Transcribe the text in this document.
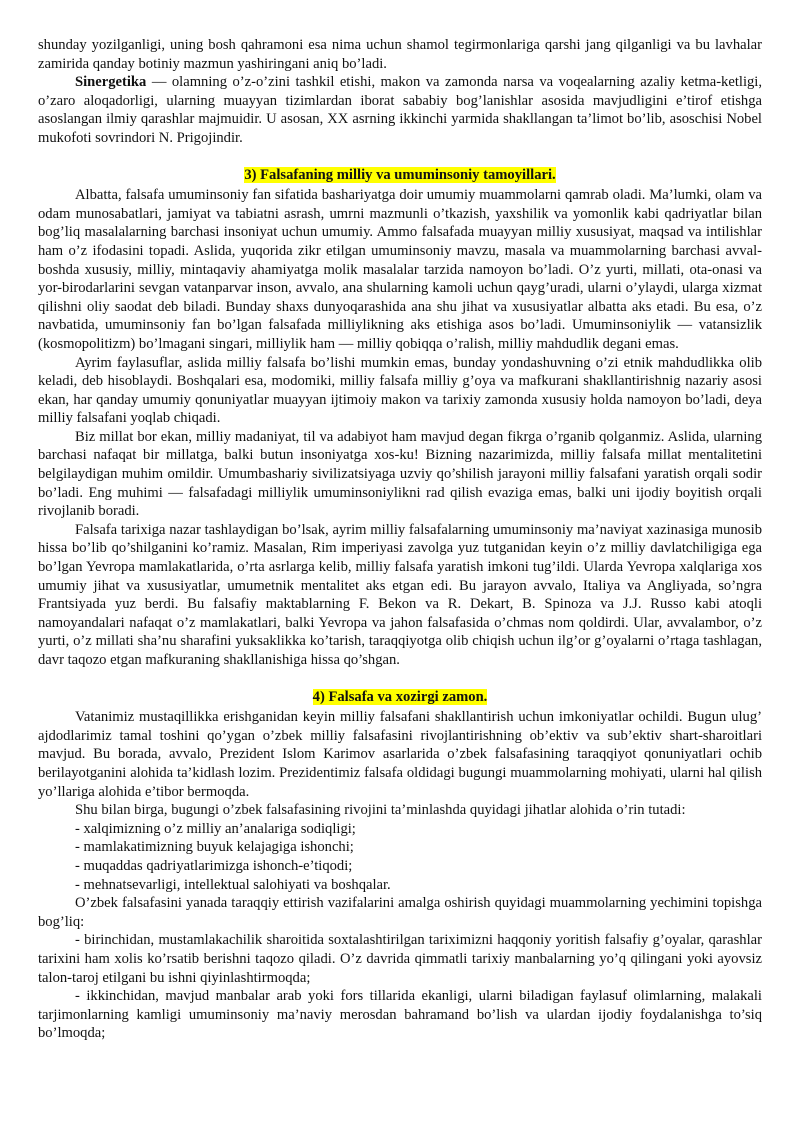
shunday yozilganligi, uning bosh qahramoni esa nima uchun shamol tegirmonlariga qarshi jang qilganligi va bu lavhalar zamirida qanday botiniy mazmun yashiringani aniq bo’ladi.

Sinergetika — olamning o’z-o’zini tashkil etishi, makon va zamonda narsa va voqealarning azaliy ketma-ketligi, o’zaro aloqadorligi, ularning muayyan tizimlardan iborat sababiy bog’lanishlar asosida mavjudligini e’tirof etishga asoslangan ilmiy qarashlar majmuidir. U asosan, XX asrning ikkinchi yarmida shakllangan ta’limot bo’lib, asoschisi Nobel mukofoti sovrindori N. Prigojindir.

3) Falsafaning milliy va umuminsoniy tamoyillari.

Albatta, falsafa umuminsoniy fan sifatida bashariyatga doir umumiy muammolarni qamrab oladi. Ma’lumki, olam va odam munosabatlari, jamiyat va tabiatni asrash, umrni mazmunli o’tkazish, yaxshilik va yomonlik kabi qadriyatlar bilan bog’liq masalalarning barchasi insoniyat uchun umumiy. Ammo falsafada muayyan milliy xususiyat, maqsad va intilishlar ham o’z ifodasini topadi. Aslida, yuqorida zikr etilgan umuminsoniy mavzu, masala va muammolarning barchasi avval-boshda xususiy, milliy, mintaqaviy ahamiyatga molik masalalar tarzida namoyon bo’ladi. O’z yurti, millati, ota-onasi va yor-birodarlarini sevgan vatanparvar inson, avvalo, ana shularning kamoli uchun qayg’uradi, ularni o’ylaydi, ularga xizmat qilishni oliy saodat deb biladi. Bunday shaxs dunyoqarashida ana shu jihat va xususiyatlar albatta aks etadi. Bu esa, o’z navbatida, umuminsoniy fan bo’lgan falsafada milliylikning aks etishiga asos bo’ladi. Umuminsoniylik — vatansizlik (kosmopolitizm) bo’lmagani singari, milliylik ham — milliy qobiqqa o’ralish, milliy mahdudlik degani emas.

Ayrim faylasuflar, aslida milliy falsafa bo’lishi mumkin emas, bunday yondashuvning o’zi etnik mahdudlikka olib keladi, deb hisoblaydi. Boshqalari esa, modomiki, milliy falsafa milliy g’oya va mafkurani shakllantirishnig nazariy asosi ekan, har qanday umumiy qonuniyatlar muayyan ijtimoiy makon va tarixiy zamonda xususiy holda namoyon bo’ladi, deya milliy falsafani yoqlab chiqadi.

Biz millat bor ekan, milliy madaniyat, til va adabiyot ham mavjud degan fikrga o’rganib qolganmiz. Aslida, ularning barchasi nafaqat bir millatga, balki butun insoniyatga xos-ku! Bizning nazarimizda, milliy falsafa millat mentalitetini belgilaydigan muhim omildir. Umumbashariy sivilizatsiyaga uzviy qo’shilish jarayoni milliy falsafani yaratish orqali sodir bo’ladi. Eng muhimi — falsafadagi milliylik umuminsoniylikni rad qilish evaziga emas, balki uni ijodiy boyitish orqali rivojlanib boradi.

Falsafa tarixiga nazar tashlaydigan bo’lsak, ayrim milliy falsafalarning umuminsoniy ma’naviyat xazinasiga munosib hissa bo’lib qo’shilganini ko’ramiz. Masalan, Rim imperiyasi zavolga yuz tutganidan keyin o’z milliy davlatchiligiga ega bo’lgan Yevropa mamlakatlarida, o’rta asrlarga kelib, milliy falsafa yaratish imkoni tug’ildi. Ularda Yevropa xalqlariga xos umumiy jihat va xususiyatlar, umumetnik mentalitet aks etgan edi. Bu jarayon avvalo, Italiya va Angliyada, so’ngra Frantsiyada yuz berdi. Bu falsafiy maktablarning F. Bekon va R. Dekart, B. Spinoza va J.J. Russo kabi atoqli namoyandalari nafaqat o’z mamlakatlari, balki Yevropa va jahon falsafasida o’chmas nom qoldirdi. Ular, avvalambor, o’z yurti, o’z millati sha’nu sharafini yuksaklikka ko’tarish, taraqqiyotga olib chiqish uchun ilg’or g’oyalarni o’rtaga tashlagan, davr taqozo etgan mafkuraning shakllanishiga hissa qo’shgan.

4) Falsafa va xozirgi zamon.

Vatanimiz mustaqillikka erishganidan keyin milliy falsafani shakllantirish uchun imkoniyatlar ochildi. Bugun ulug’ ajdodlarimiz tamal toshini qo’ygan o’zbek milliy falsafasini rivojlantirishning ob’ektiv va sub’ektiv shart-sharoitlari mavjud. Bu borada, avvalo, Prezident Islom Karimov asarlarida o’zbek falsafasining taraqqiyot qonuniyatlari ochib berilayotganini alohida ta’kidlash lozim. Prezidentimiz falsafa oldidagi bugungi muammolarning mohiyati, ularni hal qilish yo’llariga alohida e’tibor bermoqda.

Shu bilan birga, bugungi o’zbek falsafasining rivojini ta’minlashda quyidagi jihatlar alohida o’rin tutadi:

- xalqimizning o’z milliy an’analariga sodiqligi;

- mamlakatimizning buyuk kelajagiga ishonchi;

- muqaddas qadriyatlarimizga ishonch-e’tiqodi;

- mehnatsevarligi, intellektual salohiyati va boshqalar.

O’zbek falsafasini yanada taraqqiy ettirish vazifalarini amalga oshirish quyidagi muammolarning yechimini topishga bog’liq:

- birinchidan, mustamlakachilik sharoitida soxtalashtirilgan tariximizni haqqoniy yoritish falsafiy g’oyalar, qarashlar tarixini ham xolis ko’rsatib berishni taqozo qiladi. O’z davrida qimmatli tarixiy manbalarning yo’q qilingani yoki ayovsiz talon-taroj etilgani bu ishni qiyinlashtirmoqda;

- ikkinchidan, mavjud manbalar arab yoki fors tillarida ekanligi, ularni biladigan faylasuf olimlarning, malakali tarjimonlarning kamligi umuminsoniy ma’naviy merosdan bahramand bo’lish va ulardan ijodiy foydalanishga to’siq bo’lmoqda;
